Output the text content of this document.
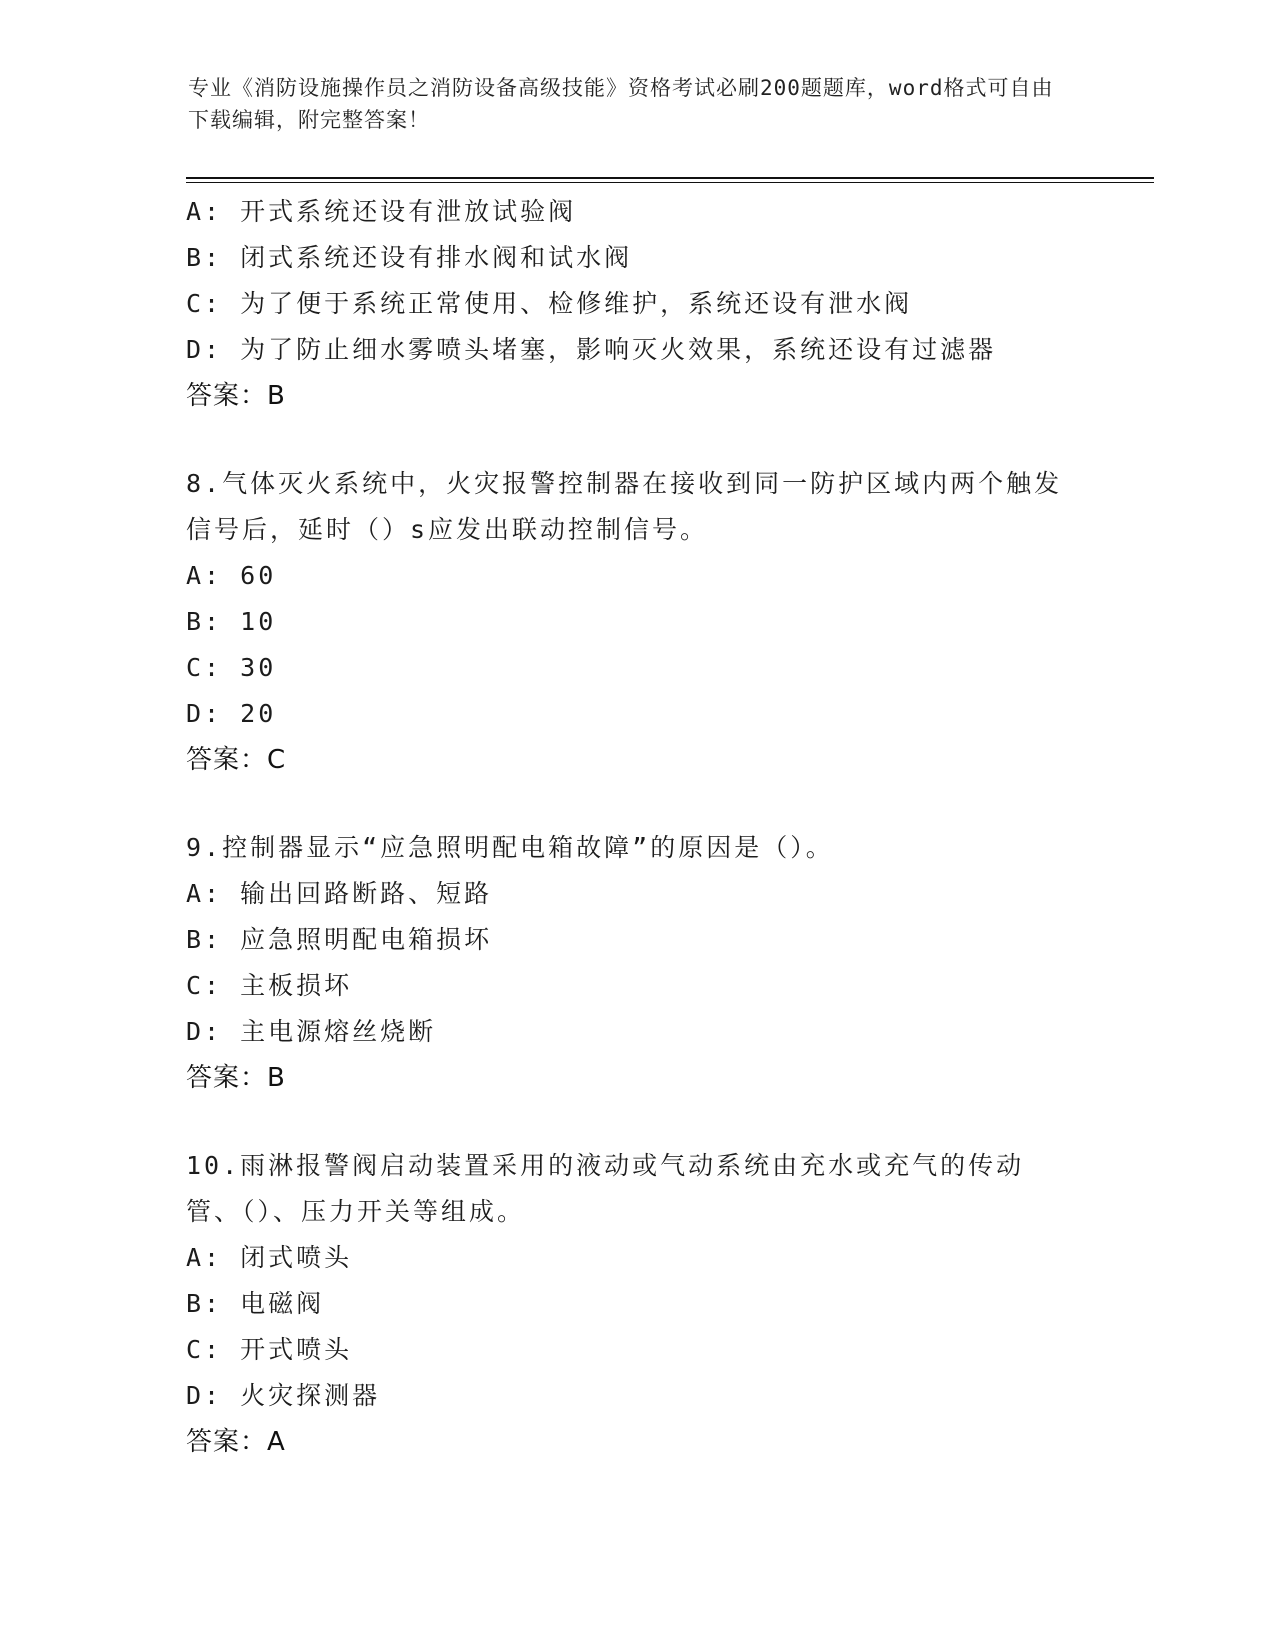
专业《消防设施操作员之消防设备高级技能》资格考试必刷200题题库，word格式可自由下载编辑，附完整答案！
A: 开式系统还设有泄放试验阀
B: 闭式系统还设有排水阀和试水阀
C: 为了便于系统正常使用、检修维护，系统还设有泄水阀
D: 为了防止细水雾喷头堵塞，影响灭火效果，系统还设有过滤器
答案：B
8.气体灭火系统中，火灾报警控制器在接收到同一防护区域内两个触发信号后，延时（）s应发出联动控制信号。
A: 60
B: 10
C: 30
D: 20
答案：C
9.控制器显示“应急照明配电箱故障”的原因是（）。
A: 输出回路断路、短路
B: 应急照明配电箱损坏
C: 主板损坏
D: 主电源熔丝烧断
答案：B
10.雨淋报警阀启动装置采用的液动或气动系统由充水或充气的传动管、（）、压力开关等组成。
A: 闭式喷头
B: 电磁阀
C: 开式喷头
D: 火灾探测器
答案：A
